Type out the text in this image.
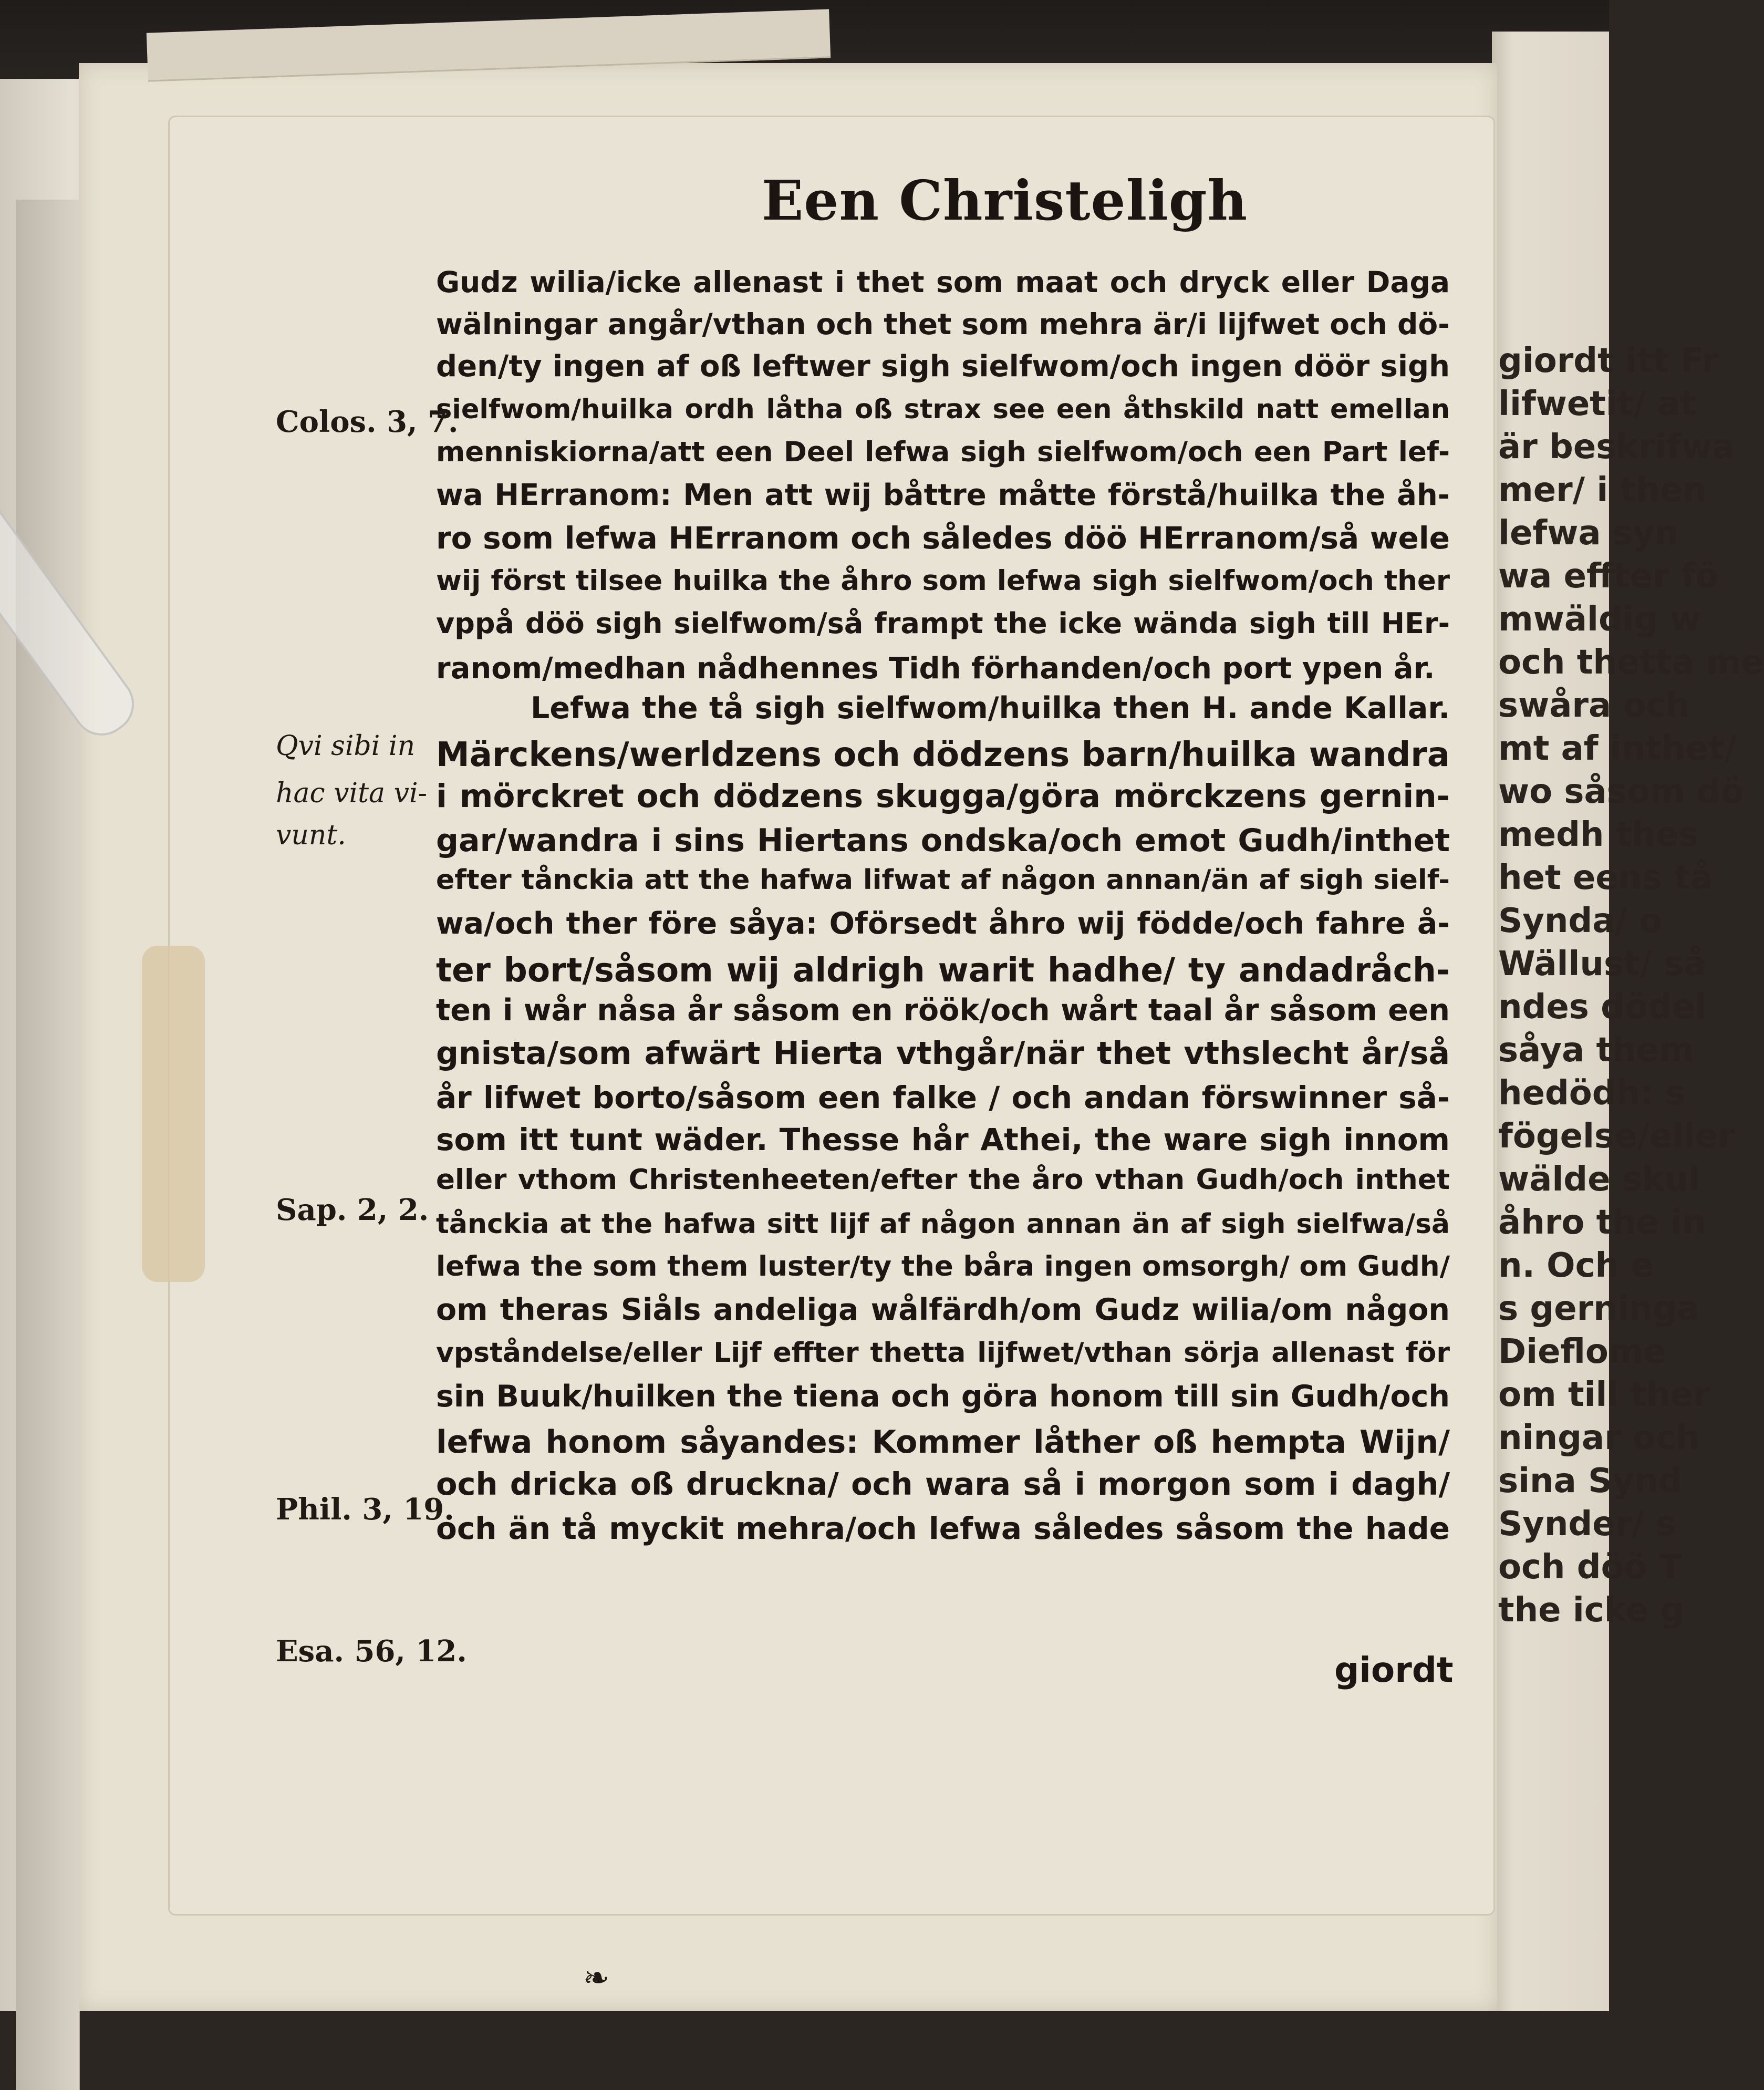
giordt itt Fr
lifwetit/ at
är beskrifwa
mer/ i then
lefwa syn
wa effter fö
mwäldig w
och thetta me
swåra och
mt af inthet/
wo såsom dö
medh thes
het eens tå
Synda/ o
Wällust/ så
ndes dödel
såya them
hedödh: s
fögelse/eller
wälde skul
åhro the in
n. Och e
s gerninga
Dieflome
om till ther
ningar och
sina Synd
Synder/ s
och döö T
the icke g
Een Christeligh
Gudz wilia/icke allenast i thet som maat och dryck eller Daga
wälningar angår/vthan och thet som mehra är/i lijfwet och dö-
den/ty ingen af oß leftwer sigh sielfwom/och ingen döör sigh
sielfwom/huilka ordh låtha oß strax see een åthskild natt emellan
menniskiorna/att een Deel lefwa sigh sielfwom/och een Part lef-
wa HErranom: Men att wij båttre måtte förstå/huilka the åh-
ro som lefwa HErranom och således döö HErranom/så wele
wij först tilsee huilka the åhro som lefwa sigh sielfwom/och ther
vppå döö sigh sielfwom/så frampt the icke wända sigh till HEr-
ranom/medhan nådhennes Tidh förhanden/och port ypen år.
Lefwa the tå sigh sielfwom/huilka then H. ande Kallar.
Märckens/werldzens och dödzens barn/huilka wandra
i mörckret och dödzens skugga/göra mörckzens gernin-
gar/wandra i sins Hiertans ondska/och emot Gudh/inthet
efter tånckia att the hafwa lifwat af någon annan/än af sigh sielf-
wa/och ther före såya: Oförsedt åhro wij födde/och fahre å-
ter bort/såsom wij aldrigh warit hadhe/ ty andadråch-
ten i wår nåsa år såsom en röök/och wårt taal år såsom een
gnista/som afwärt Hierta vthgår/när thet vthslecht år/så
år lifwet borto/såsom een falke / och andan förswinner så-
som itt tunt wäder. Thesse hår Athei, the ware sigh innom
eller vthom Christenheeten/efter the åro vthan Gudh/och inthet
tånckia at the hafwa sitt lijf af någon annan än af sigh sielfwa/så
lefwa the som them luster/ty the båra ingen omsorgh/ om Gudh/
om theras Siåls andeliga wålfärdh/om Gudz wilia/om någon
vpståndelse/eller Lijf effter thetta lijfwet/vthan sörja allenast för
sin Buuk/huilken the tiena och göra honom till sin Gudh/och
lefwa honom såyandes: Kommer låther oß hempta Wijn/
och dricka oß druckna/ och wara så i morgon som i dagh/
och än tå myckit mehra/och lefwa således såsom the hade
giordt
Colos. 3, 7.
Qvi sibi in
hac vita vi-
vunt.
Sap. 2, 2.
Phil. 3, 19.
Esa. 56, 12.
❧
